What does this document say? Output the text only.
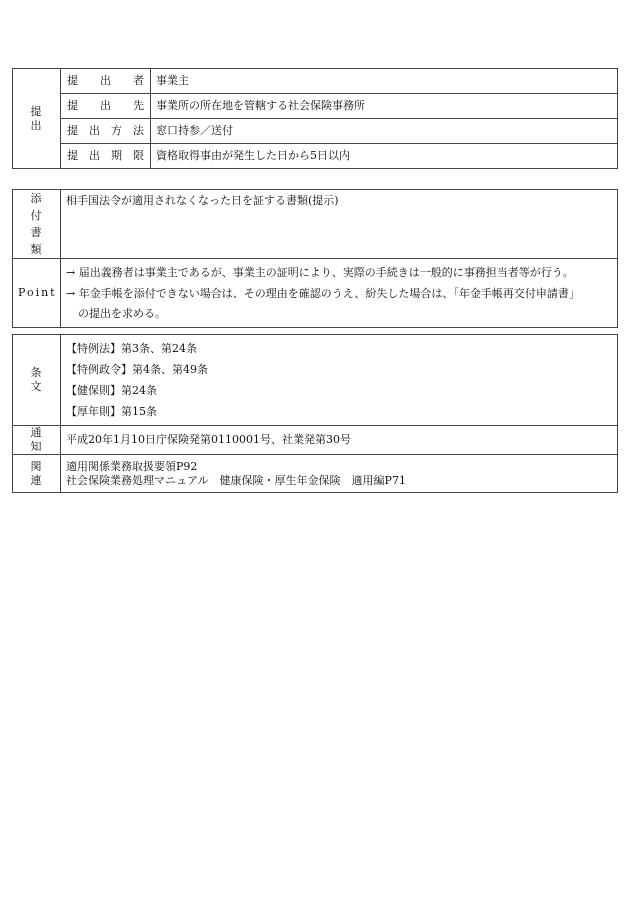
提出	提出者	事業主
	提出先	事業所の所在地を管轄する社会保険事務所
	提出方法	窓口持参／送付
	提出期限	資格取得事由が発生した日から5日以内
添付書類	相手国法令が適用されなくなった日を証する書類(提示)
Point	→ 届出義務者は事業主であるが、事業主の証明により、実際の手続きは一般的に事務担当者等が行う。
→ 年金手帳を添付できない場合は、その理由を確認のうえ、紛失した場合は、「年金手帳再交付申請書」
の提出を求める。
条文	【特例法】第3条、第24条
【特例政令】第4条、第49条
【健保則】第24条
【厚年則】第15条

通知	平成20年1月10日庁保険発第0110001号、社業発第30号
関連	適用関係業務取扱要領P92
社会保険業務処理マニュアル　健康保険・厚生年金保険　適用編P71
